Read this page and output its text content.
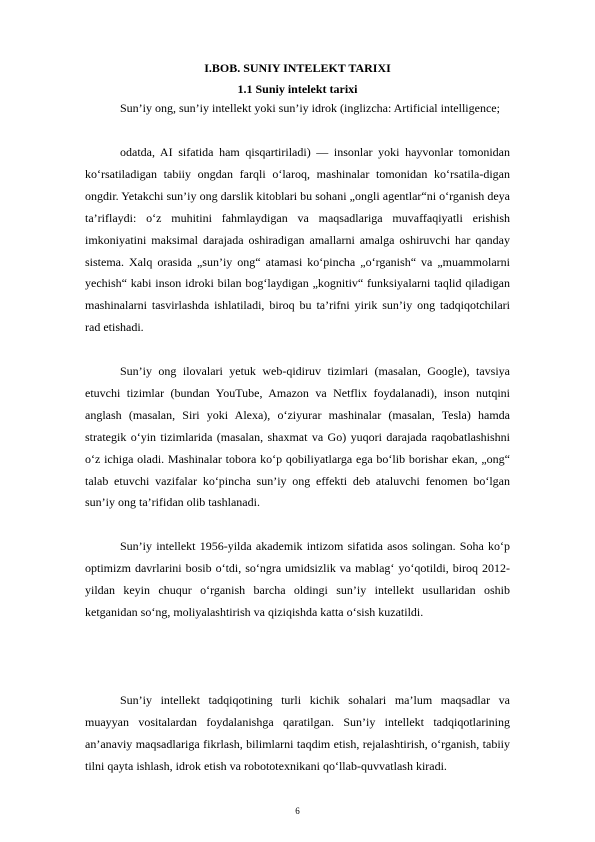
I.BOB. SUNIY INTELEKT TARIXI

1.1 Suniy intelekt tarixi

Sun’iy ong, sun’iy intellekt yoki sun’iy idrok (inglizcha: Artificial intelligence;

odatda, AI sifatida ham qisqartiriladi) — insonlar yoki hayvonlar tomonidan ko‘rsatiladigan tabiiy ongdan farqli o‘laroq, mashinalar tomonidan ko‘rsatila-digan ongdir. Yetakchi sun’iy ong darslik kitoblari bu sohani „ongli agentlar“ni o‘rganish deya ta’riflaydi: o‘z muhitini fahmlaydigan va maqsadlariga muvaffaqiyatli erishish imkoniyatini maksimal darajada oshiradigan amallarni amalga oshiruvchi har qanday sistema. Xalq orasida „sun’iy ong“ atamasi ko‘pincha „o‘rganish“ va „muammolarni yechish“ kabi inson idroki bilan bog‘laydigan „kognitiv“ funksiyalarni taqlid qiladigan mashinalarni tasvirlashda ishlatiladi, biroq bu ta’rifni yirik sun’iy ong tadqiqotchilari rad etishadi.

Sun’iy ong ilovalari yetuk web-qidiruv tizimlari (masalan, Google), tavsiya etuvchi tizimlar (bundan YouTube, Amazon va Netflix foydalanadi), inson nutqini anglash (masalan, Siri yoki Alexa), o‘ziyurar mashinalar (masalan, Tesla) hamda strategik o‘yin tizimlarida (masalan, shaxmat va Go) yuqori darajada raqobatlashishni o‘z ichiga oladi. Mashinalar tobora ko‘p qobiliyatlarga ega bo‘lib borishar ekan, „ong“ talab etuvchi vazifalar ko‘pincha sun’iy ong effekti deb ataluvchi fenomen bo‘lgan sun’iy ong ta’rifidan olib tashlanadi.

Sun’iy intellekt 1956-yilda akademik intizom sifatida asos solingan. Soha ko‘p optimizm davrlarini bosib o‘tdi, so‘ngra umidsizlik va mablag‘ yo‘qotildi, biroq 2012-yildan keyin chuqur o‘rganish barcha oldingi sun’iy intellekt usullaridan oshib ketganidan so‘ng, moliyalashtirish va qiziqishda katta o‘sish kuzatildi.

Sun’iy intellekt tadqiqotining turli kichik sohalari ma’lum maqsadlar va muayyan vositalardan foydalanishga qaratilgan. Sun’iy intellekt tadqiqotlarining an’anaviy maqsadlariga fikrlash, bilimlarni taqdim etish, rejalashtirish, o‘rganish, tabiiy tilni qayta ishlash, idrok etish va robototexnikani qo‘llab-quvvatlash kiradi.

6
